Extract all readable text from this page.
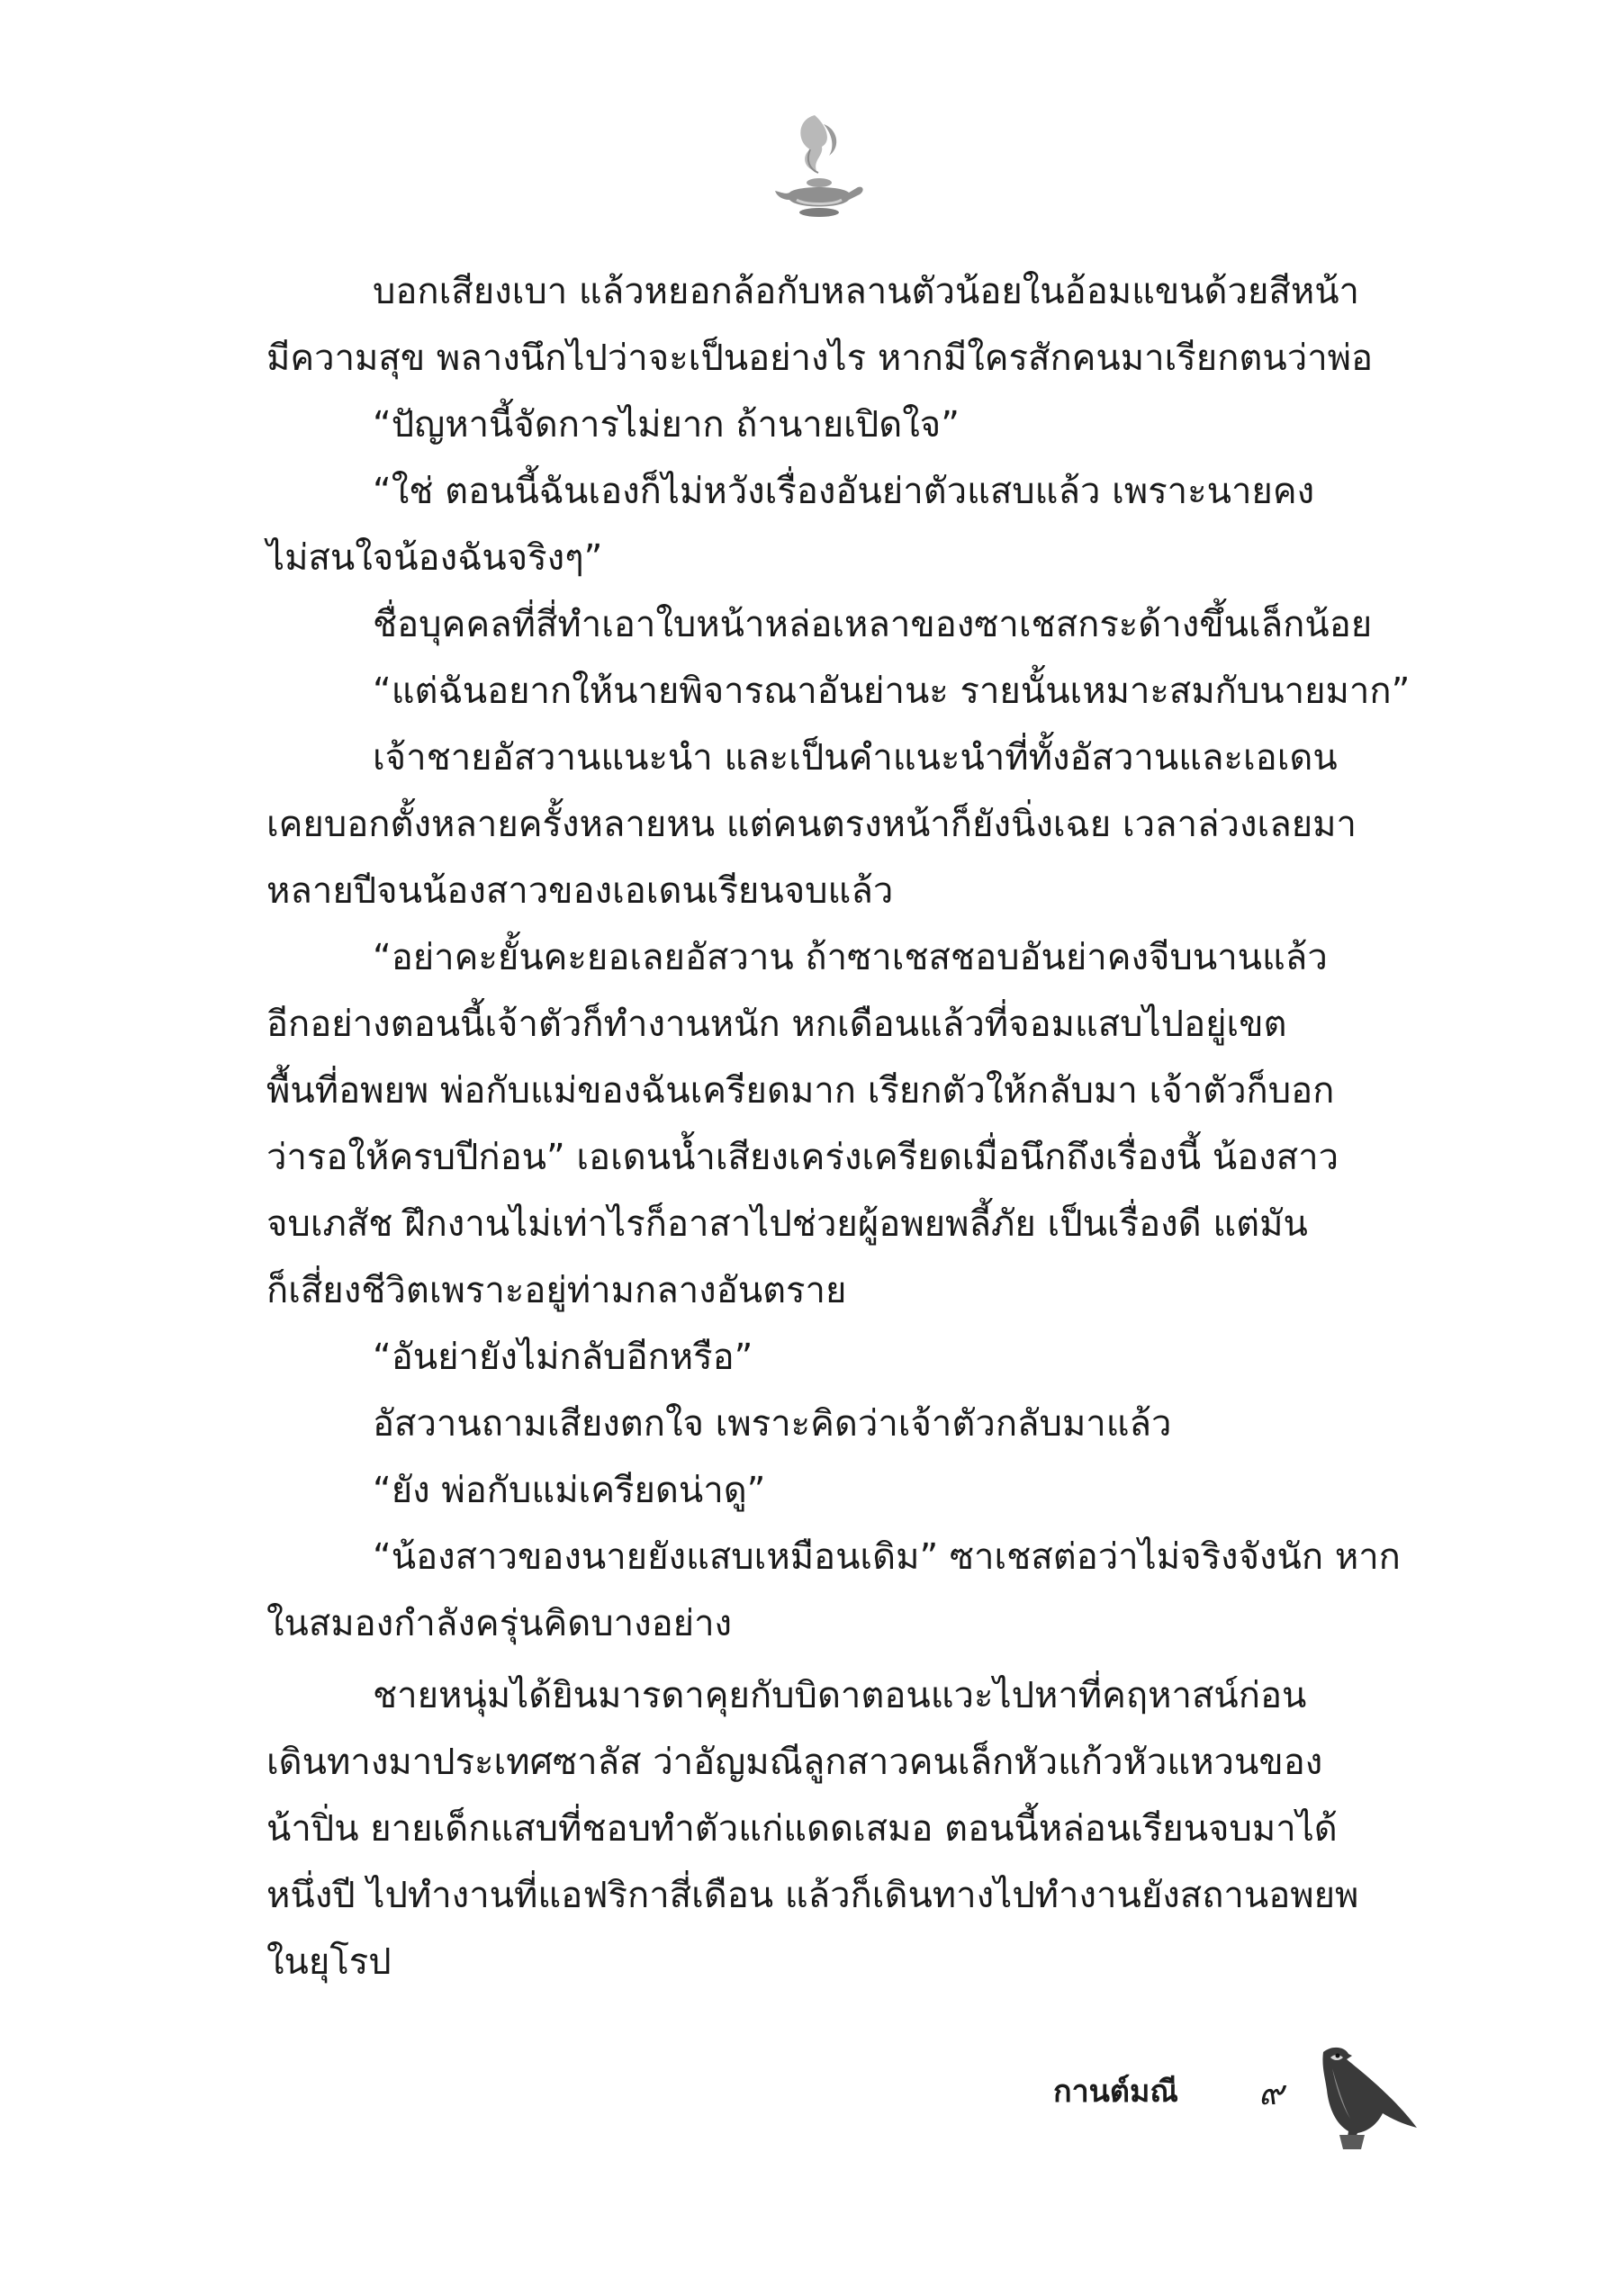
บอกเสียงเบา แล้วหยอกล้อกับหลานตัวน้อยในอ้อมแขนด้วยสีหน้า
มีความสุข พลางนึกไปว่าจะเป็นอย่างไร หากมีใครสักคนมาเรียกตนว่าพ่อ
“ปัญหานี้จัดการไม่ยาก ถ้านายเปิดใจ”
“ใช่ ตอนนี้ฉันเองก็ไม่หวังเรื่องอันย่าตัวแสบแล้ว เพราะนายคง
ไม่สนใจน้องฉันจริงๆ”
ชื่อบุคคลที่สี่ทำเอาใบหน้าหล่อเหลาของซาเชสกระด้างขึ้นเล็กน้อย
“แต่ฉันอยากให้นายพิจารณาอันย่านะ รายนั้นเหมาะสมกับนายมาก”
เจ้าชายอัสวานแนะนำ และเป็นคำแนะนำที่ทั้งอัสวานและเอเดน
เคยบอกตั้งหลายครั้งหลายหน แต่คนตรงหน้าก็ยังนิ่งเฉย เวลาล่วงเลยมา
หลายปีจนน้องสาวของเอเดนเรียนจบแล้ว
“อย่าคะยั้นคะยอเลยอัสวาน ถ้าซาเชสชอบอันย่าคงจีบนานแล้ว
อีกอย่างตอนนี้เจ้าตัวก็ทำงานหนัก หกเดือนแล้วที่จอมแสบไปอยู่เขต
พื้นที่อพยพ พ่อกับแม่ของฉันเครียดมาก เรียกตัวให้กลับมา เจ้าตัวก็บอก
ว่ารอให้ครบปีก่อน” เอเดนน้ำเสียงเคร่งเครียดเมื่อนึกถึงเรื่องนี้ น้องสาว
จบเภสัช ฝึกงานไม่เท่าไรก็อาสาไปช่วยผู้อพยพลี้ภัย เป็นเรื่องดี แต่มัน
ก็เสี่ยงชีวิตเพราะอยู่ท่ามกลางอันตราย
“อันย่ายังไม่กลับอีกหรือ”
อัสวานถามเสียงตกใจ เพราะคิดว่าเจ้าตัวกลับมาแล้ว
“ยัง พ่อกับแม่เครียดน่าดู”
“น้องสาวของนายยังแสบเหมือนเดิม” ซาเชสต่อว่าไม่จริงจังนัก หาก
ในสมองกำลังครุ่นคิดบางอย่าง
ชายหนุ่มได้ยินมารดาคุยกับบิดาตอนแวะไปหาที่คฤหาสน์ก่อน
เดินทางมาประเทศซาลัส ว่าอัญมณีลูกสาวคนเล็กหัวแก้วหัวแหวนของ
น้าปิ่น ยายเด็กแสบที่ชอบทำตัวแก่แดดเสมอ ตอนนี้หล่อนเรียนจบมาได้
หนึ่งปี ไปทำงานที่แอฟริกาสี่เดือน แล้วก็เดินทางไปทำงานยังสถานอพยพ
ในยุโรป
กานต์มณี ๙
